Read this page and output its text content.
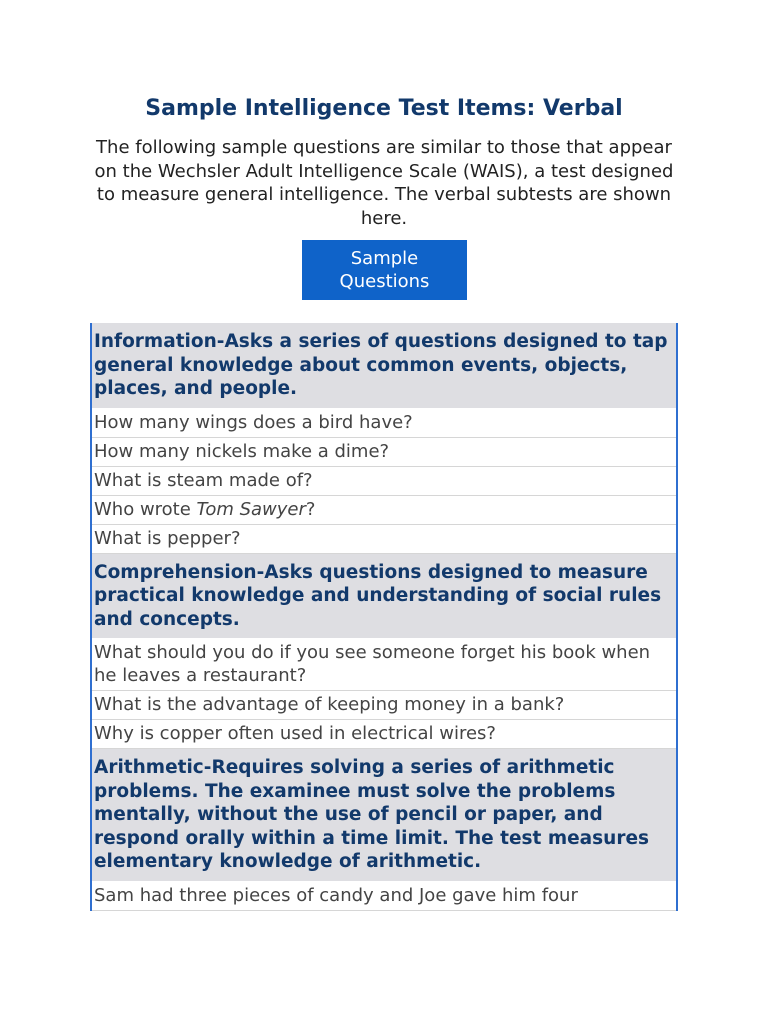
Sample Intelligence Test Items: Verbal
The following sample questions are similar to those that appear on the Wechsler Adult Intelligence Scale (WAIS), a test designed to measure general intelligence. The verbal subtests are shown here.
Sample Questions
Information-Asks a series of questions designed to tap general knowledge about common events, objects, places, and people.
How many wings does a bird have?
How many nickels make a dime?
What is steam made of?
Who wrote Tom Sawyer?
What is pepper?
Comprehension-Asks questions designed to measure practical knowledge and understanding of social rules and concepts.
What should you do if you see someone forget his book when he leaves a restaurant?
What is the advantage of keeping money in a bank?
Why is copper often used in electrical wires?
Arithmetic-Requires solving a series of arithmetic problems. The examinee must solve the problems mentally, without the use of pencil or paper, and respond orally within a time limit. The test measures elementary knowledge of arithmetic.
Sam had three pieces of candy and Joe gave him four
